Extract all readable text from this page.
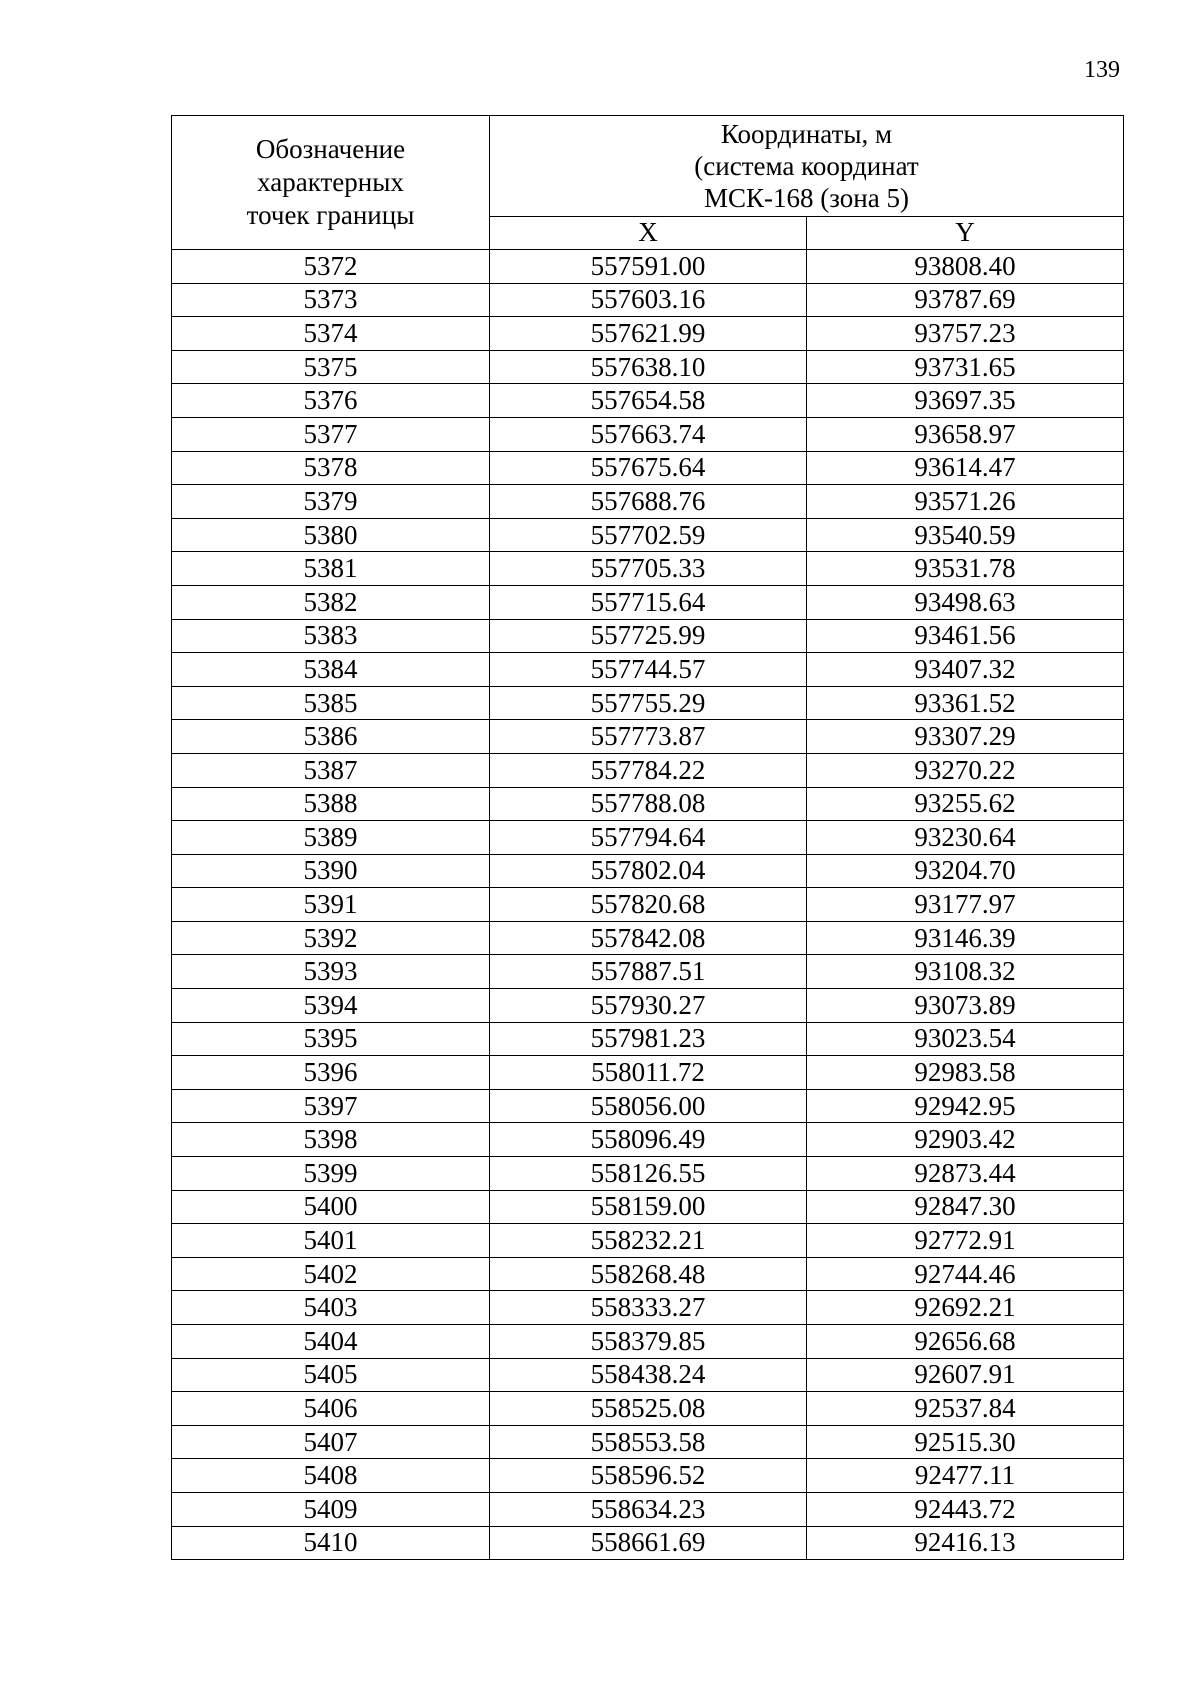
139
Обозначение
характерных
точек границы	Координаты, м
(система координат
МСК-168 (зона 5)	

	X	Y
5372	557591.00	93808.40
5373	557603.16	93787.69
5374	557621.99	93757.23
5375	557638.10	93731.65
5376	557654.58	93697.35
5377	557663.74	93658.97
5378	557675.64	93614.47
5379	557688.76	93571.26
5380	557702.59	93540.59
5381	557705.33	93531.78
5382	557715.64	93498.63
5383	557725.99	93461.56
5384	557744.57	93407.32
5385	557755.29	93361.52
5386	557773.87	93307.29
5387	557784.22	93270.22
5388	557788.08	93255.62
5389	557794.64	93230.64
5390	557802.04	93204.70
5391	557820.68	93177.97
5392	557842.08	93146.39
5393	557887.51	93108.32
5394	557930.27	93073.89
5395	557981.23	93023.54
5396	558011.72	92983.58
5397	558056.00	92942.95
5398	558096.49	92903.42
5399	558126.55	92873.44
5400	558159.00	92847.30
5401	558232.21	92772.91
5402	558268.48	92744.46
5403	558333.27	92692.21
5404	558379.85	92656.68
5405	558438.24	92607.91
5406	558525.08	92537.84
5407	558553.58	92515.30
5408	558596.52	92477.11
5409	558634.23	92443.72
5410	558661.69	92416.13
